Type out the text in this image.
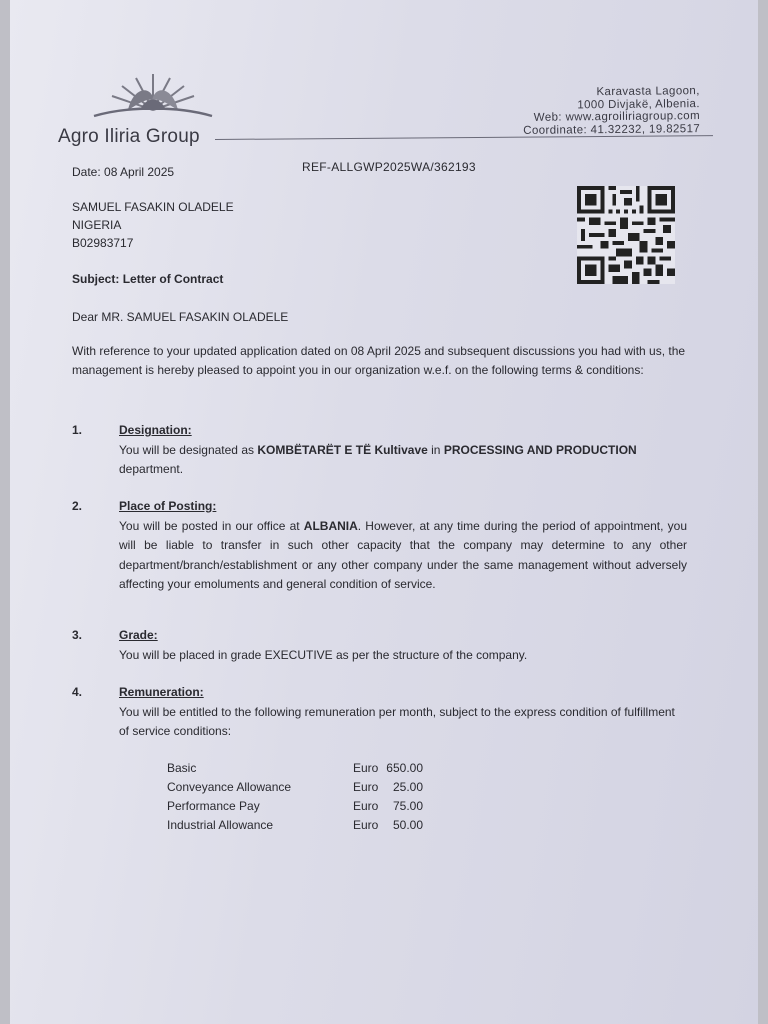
Agro Iliria Group
Karavasta Lagoon,
1000 Divjakë, Albenia.
Web: www.agroiliriagroup.com
Coordinate: 41.32232, 19.82517
Date: 08 April 2025	REF-ALLGWP2025WA/362193
SAMUEL FASAKIN OLADELE
NIGERIA
B02983717
Subject: Letter of Contract
Dear MR. SAMUEL FASAKIN OLADELE
With reference to your updated application dated on 08 April 2025 and subsequent discussions you had with us, the management is hereby pleased to appoint you in our organization w.e.f. on the following terms & conditions:
1.	Designation:
You will be designated as KOMBËTARËT E TË Kultivave in PROCESSING AND PRODUCTION department.
2.	Place of Posting:
You will be posted in our office at ALBANIA. However, at any time during the period of appointment, you will be liable to transfer in such other capacity that the company may determine to any other department/branch/establishment or any other company under the same management without adversely affecting your emoluments and general condition of service.
3.	Grade:
You will be placed in grade EXECUTIVE as per the structure of the company.
4.	Remuneration:
You will be entitled to the following remuneration per month, subject to the express condition of fulfillment of service conditions:
Basic	Euro	650.00
Conveyance Allowance	Euro	25.00
Performance Pay	Euro	75.00
Industrial Allowance	Euro	50.00
